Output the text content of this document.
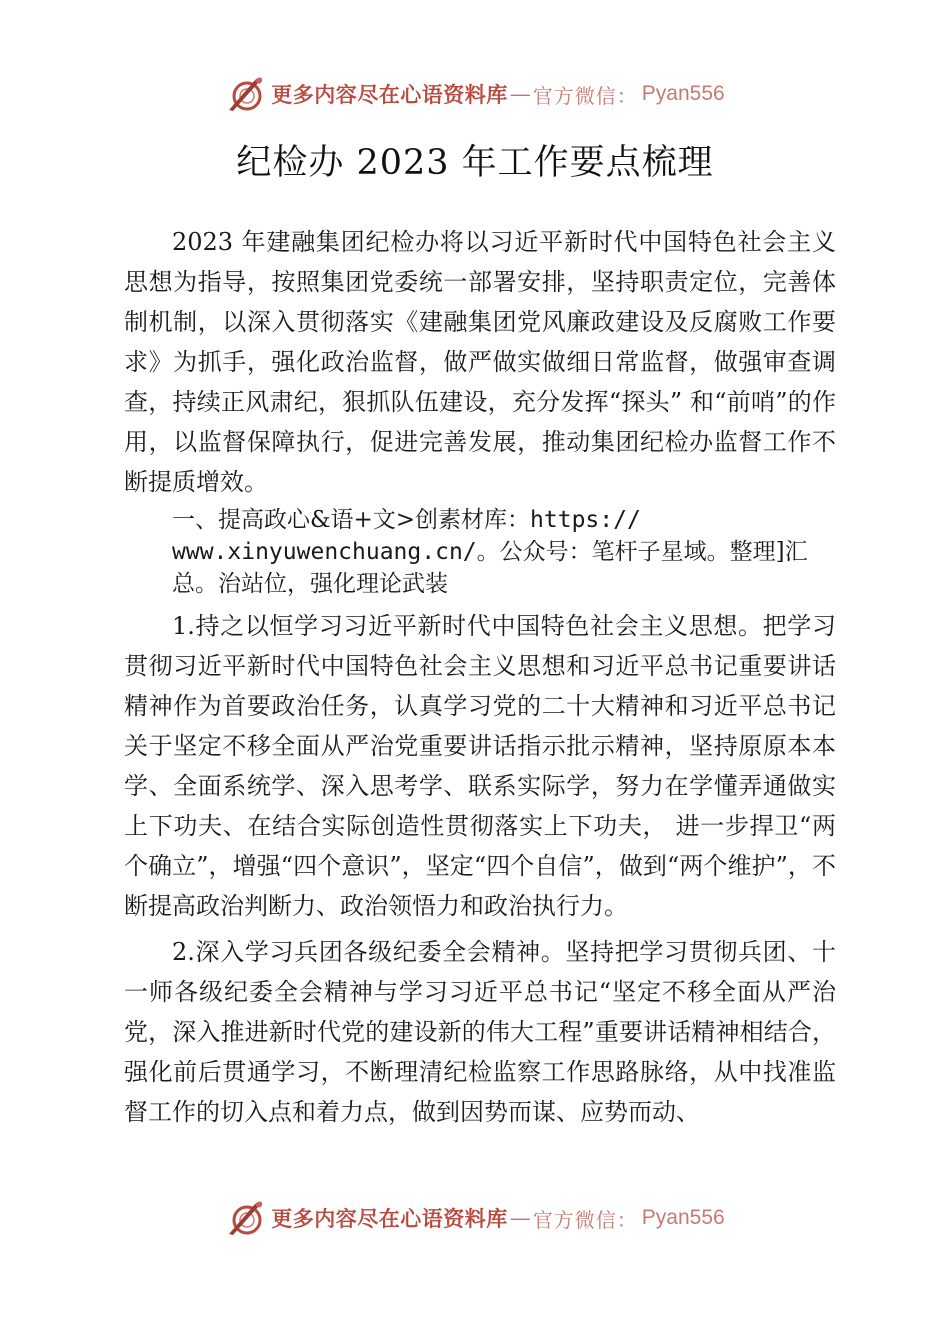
更多内容尽在心语资料库 — 官方微信： Pyan556
纪检办 2023 年工作要点梳理

2023 年建融集团纪检办将以习近平新时代中国特色社会主义思想为指导，按照集团党委统一部署安排，坚持职责定位，完善体制机制，以深入贯彻落实《建融集团党风廉政建设及反腐败工作要求》为抓手，强化政治监督，做严做实做细日常监督，做强审查调查，持续正风肃纪，狠抓队伍建设，充分发挥“探头” 和“前哨”的作用，以监督保障执行，促进完善发展，推动集团纪检办监督工作不断提质增效。

一、提高政心&语+文>创素材库：https://
www.xinyuwenchuang.cn/。公众号：笔杆子星域。整理]汇
总。治站位，强化理论武装

1.持之以恒学习习近平新时代中国特色社会主义思想。把学习贯彻习近平新时代中国特色社会主义思想和习近平总书记重要讲话精神作为首要政治任务，认真学习党的二十大精神和习近平总书记关于坚定不移全面从严治党重要讲话指示批示精神，坚持原原本本学、全面系统学、深入思考学、联系实际学，努力在学懂弄通做实上下功夫、在结合实际创造性贯彻落实上下功夫， 进一步捍卫“两个确立”，增强“四个意识”，坚定“四个自信”，做到“两个维护”，不断提高政治判断力、政治领悟力和政治执行力。

2.深入学习兵团各级纪委全会精神。坚持把学习贯彻兵团、十一师各级纪委全会精神与学习习近平总书记“坚定不移全面从严治党，深入推进新时代党的建设新的伟大工程”重要讲话精神相结合，强化前后贯通学习，不断理清纪检监察工作思路脉络，从中找准监督工作的切入点和着力点，做到因势而谋、应势而动、

更多内容尽在心语资料库 — 官方微信： Pyan556
